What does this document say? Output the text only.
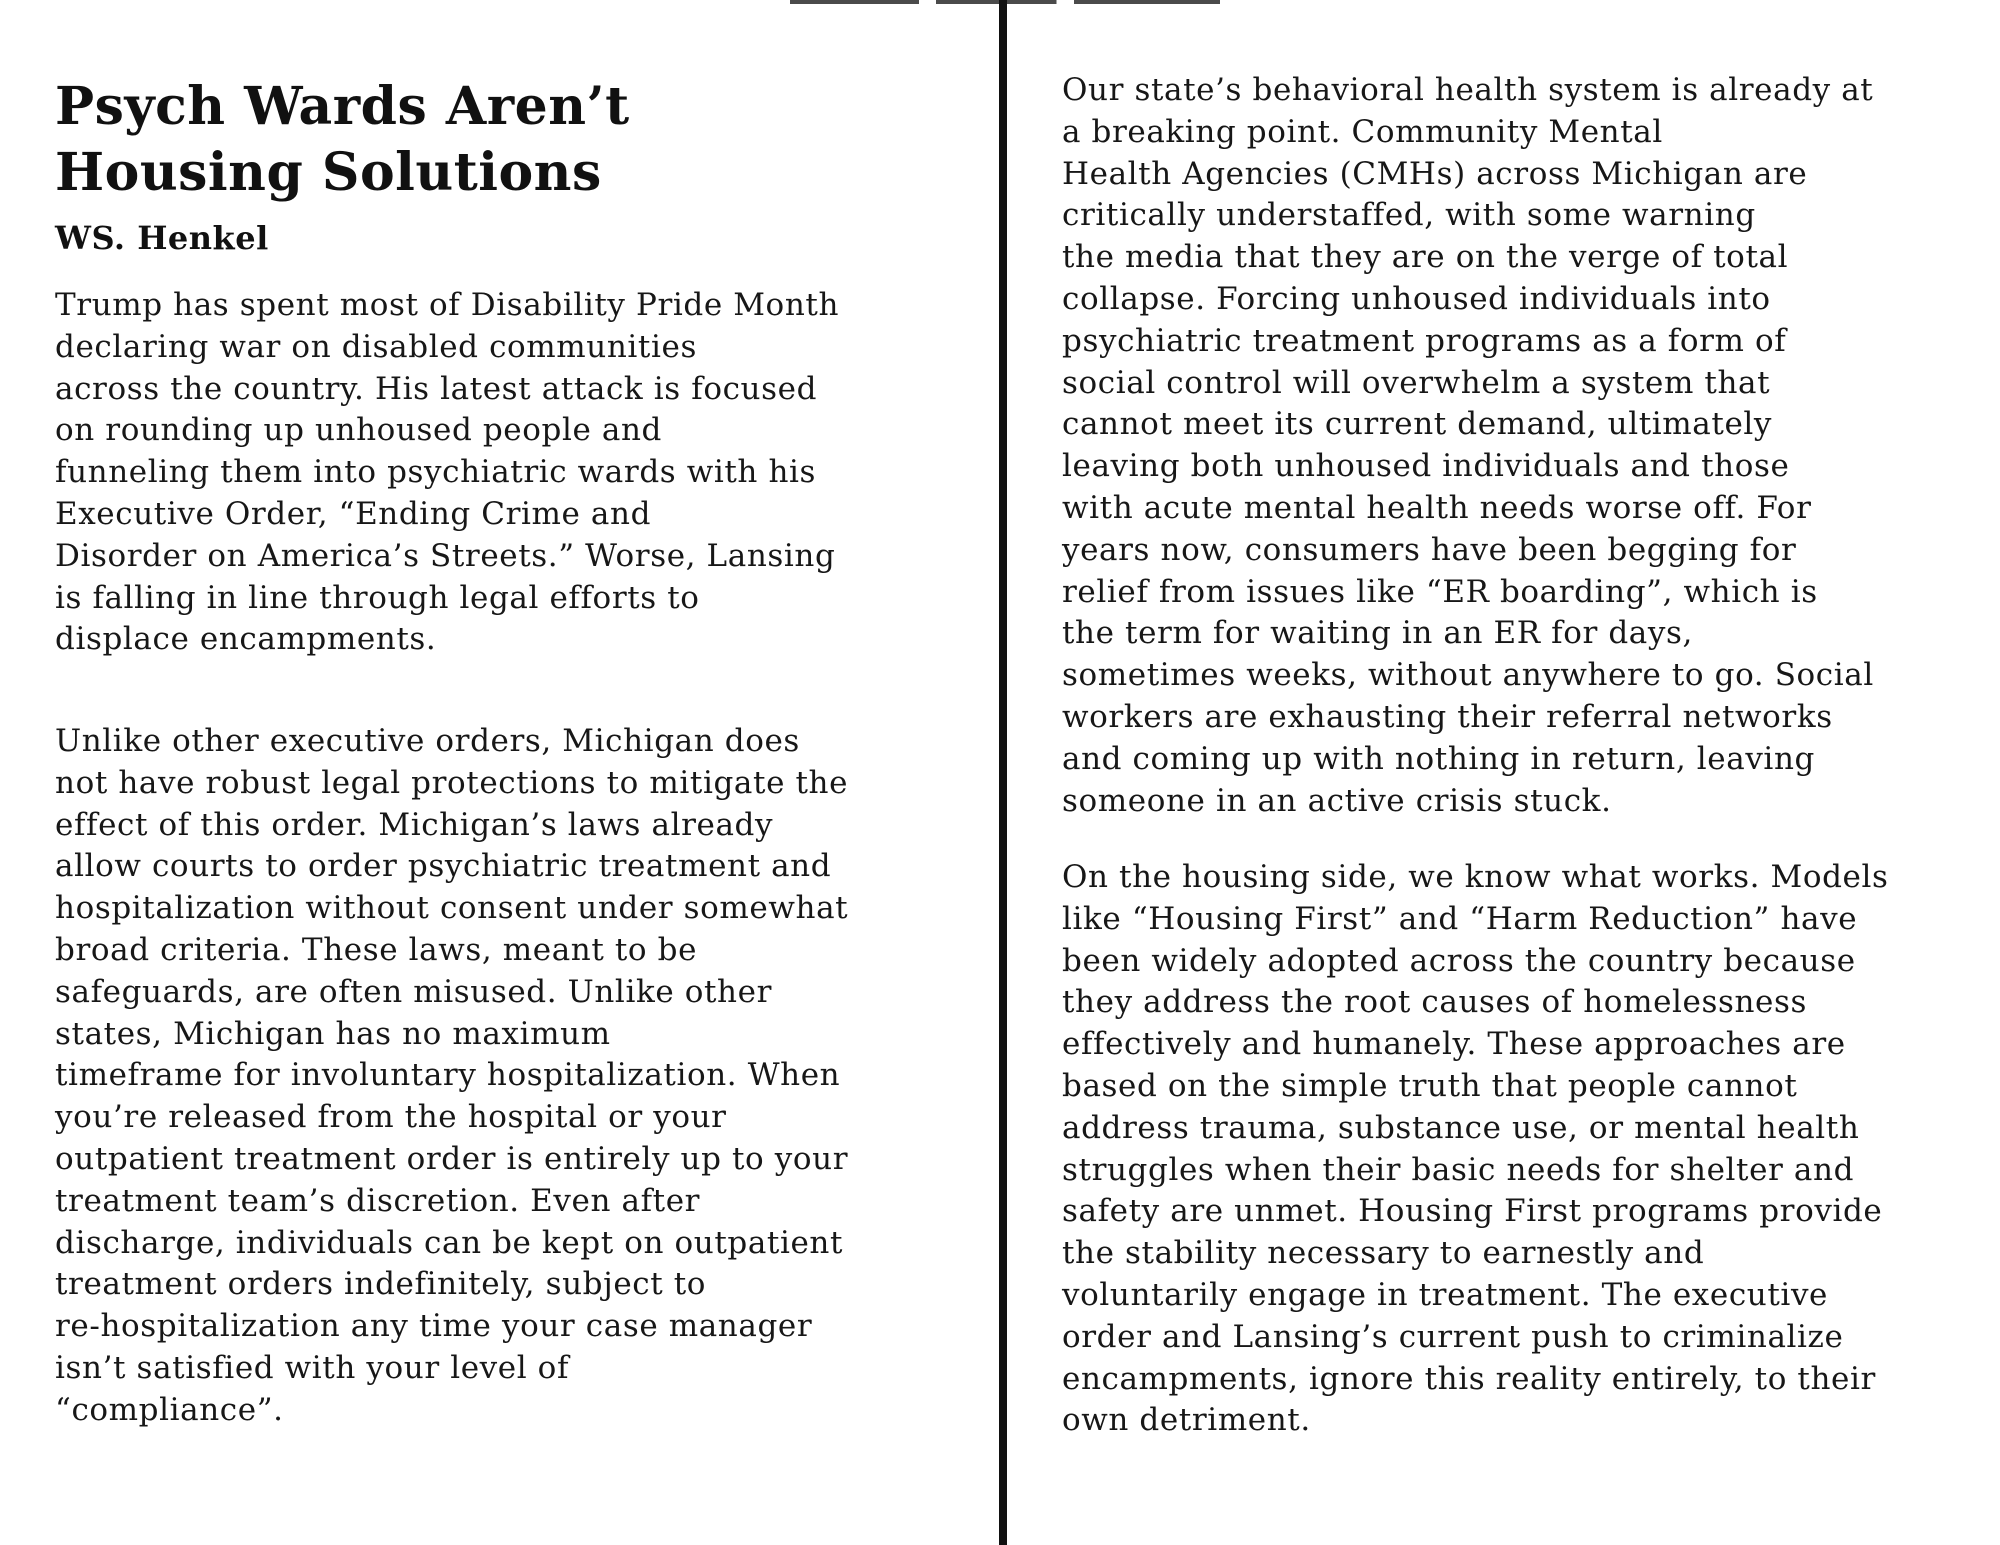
Psych Wards Aren’t
Housing Solutions
WS. Henkel

Trump has spent most of Disability Pride Month
declaring war on disabled communities
across the country. His latest attack is focused
on rounding up unhoused people and
funneling them into psychiatric wards with his
Executive Order, “Ending Crime and
Disorder on America’s Streets.” Worse, Lansing
is falling in line through legal efforts to
displace encampments.

Unlike other executive orders, Michigan does
not have robust legal protections to mitigate the
effect of this order. Michigan’s laws already
allow courts to order psychiatric treatment and
hospitalization without consent under somewhat
broad criteria. These laws, meant to be
safeguards, are often misused. Unlike other
states, Michigan has no maximum
timeframe for involuntary hospitalization. When
you’re released from the hospital or your
outpatient treatment order is entirely up to your
treatment team’s discretion. Even after
discharge, individuals can be kept on outpatient
treatment orders indefinitely, subject to
re-hospitalization any time your case manager
isn’t satisfied with your level of
“compliance”.

Our state’s behavioral health system is already at
a breaking point. Community Mental
Health Agencies (CMHs) across Michigan are
critically understaffed, with some warning
the media that they are on the verge of total
collapse. Forcing unhoused individuals into
psychiatric treatment programs as a form of
social control will overwhelm a system that
cannot meet its current demand, ultimately
leaving both unhoused individuals and those
with acute mental health needs worse off. For
years now, consumers have been begging for
relief from issues like “ER boarding”, which is
the term for waiting in an ER for days,
sometimes weeks, without anywhere to go. Social
workers are exhausting their referral networks
and coming up with nothing in return, leaving
someone in an active crisis stuck.

On the housing side, we know what works. Models
like “Housing First” and “Harm Reduction” have
been widely adopted across the country because
they address the root causes of homelessness
effectively and humanely. These approaches are
based on the simple truth that people cannot
address trauma, substance use, or mental health
struggles when their basic needs for shelter and
safety are unmet. Housing First programs provide
the stability necessary to earnestly and
voluntarily engage in treatment. The executive
order and Lansing’s current push to criminalize
encampments, ignore this reality entirely, to their
own detriment.
